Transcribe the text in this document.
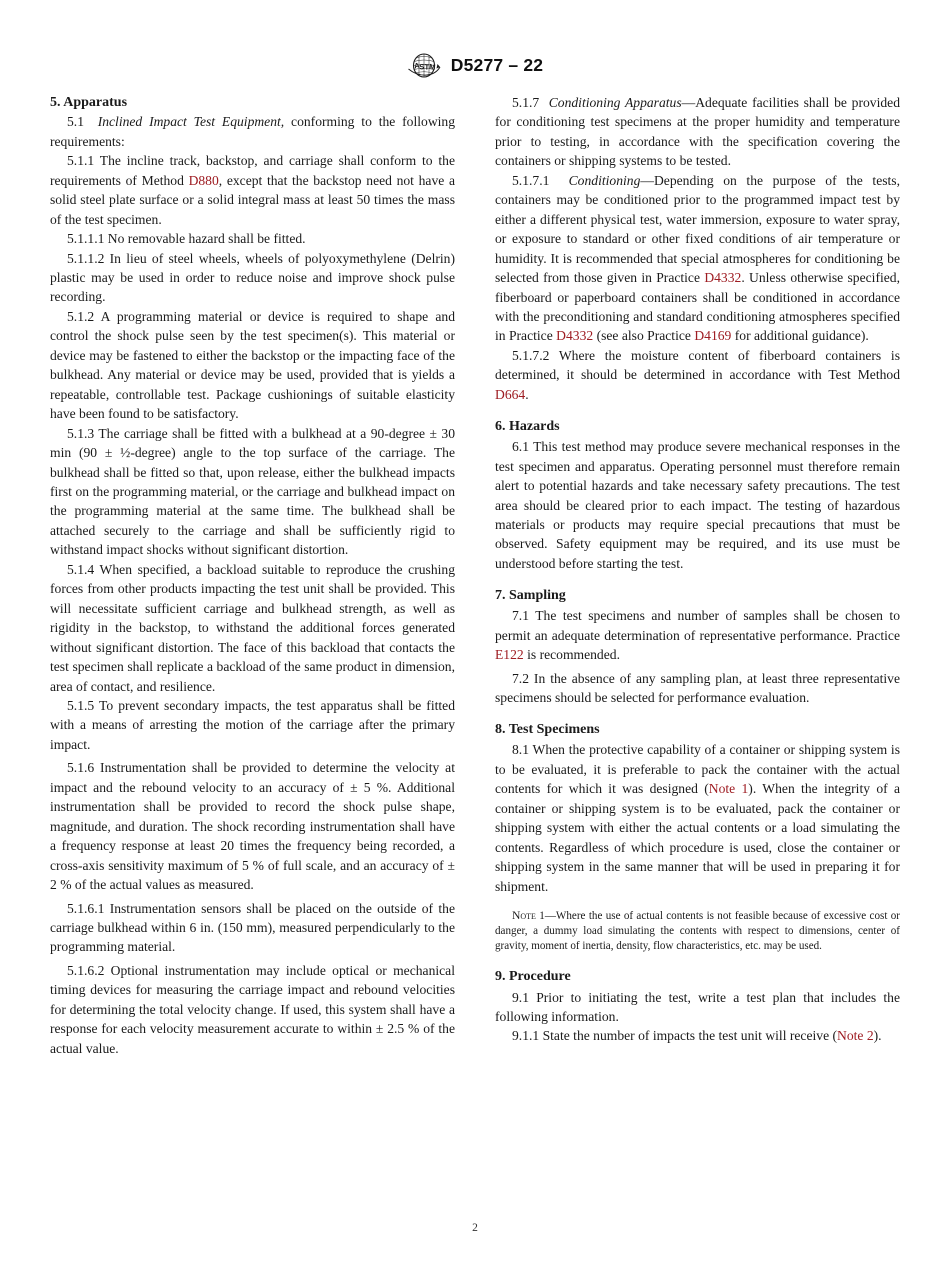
A
S T M D5277 – 22
5. Apparatus

5.1 Inclined Impact Test Equipment, conforming to the following requirements:

5.1.1 The incline track, backstop, and carriage shall conform to the requirements of Method D880, except that the backstop need not have a solid steel plate surface or a solid integral mass at least 50 times the mass of the test specimen.

5.1.1.1 No removable hazard shall be fitted.

5.1.1.2 In lieu of steel wheels, wheels of polyoxymethylene (Delrin) plastic may be used in order to reduce noise and improve shock pulse recording.

5.1.2 A programming material or device is required to shape and control the shock pulse seen by the test specimen(s). This material or device may be fastened to either the backstop or the impacting face of the bulkhead. Any material or device may be used, provided that is yields a repeatable, controllable test. Package cushionings of suitable elasticity have been found to be satisfactory.

5.1.3 The carriage shall be fitted with a bulkhead at a 90-degree ± 30 min (90 ± ½-degree) angle to the top surface of the carriage. The bulkhead shall be fitted so that, upon release, either the bulkhead impacts first on the programming material, or the carriage and bulkhead impact on the programming material at the same time. The bulkhead shall be attached securely to the carriage and shall be sufficiently rigid to withstand impact shocks without significant distortion.

5.1.4 When specified, a backload suitable to reproduce the crushing forces from other products impacting the test unit shall be provided. This will necessitate sufficient carriage and bulkhead strength, as well as rigidity in the backstop, to withstand the additional forces generated without significant distortion. The face of this backload that contacts the test specimen shall replicate a backload of the same product in dimension, area of contact, and resilience.

5.1.5 To prevent secondary impacts, the test apparatus shall be fitted with a means of arresting the motion of the carriage after the primary impact.

5.1.6 Instrumentation shall be provided to determine the velocity at impact and the rebound velocity to an accuracy of ± 5 %. Additional instrumentation shall be provided to record the shock pulse shape, magnitude, and duration. The shock recording instrumentation shall have a frequency response at least 20 times the frequency being recorded, a cross-axis sensitivity maximum of 5 % of full scale, and an accuracy of ± 2 % of the actual values as measured.

5.1.6.1 Instrumentation sensors shall be placed on the outside of the carriage bulkhead within 6 in. (150 mm), measured perpendicularly to the programming material.

5.1.6.2 Optional instrumentation may include optical or mechanical timing devices for measuring the carriage impact and rebound velocities for determining the total velocity change. If used, this system shall have a response for each velocity measurement accurate to within ± 2.5 % of the actual value.

5.1.7 Conditioning Apparatus—Adequate facilities shall be provided for conditioning test specimens at the proper humidity and temperature prior to testing, in accordance with the specification covering the containers or shipping systems to be tested.

5.1.7.1 Conditioning—Depending on the purpose of the tests, containers may be conditioned prior to the programmed impact test by either a different physical test, water immersion, exposure to water spray, or exposure to standard or other fixed conditions of air temperature or humidity. It is recommended that special atmospheres for conditioning be selected from those given in Practice D4332. Unless otherwise specified, fiberboard or paperboard containers shall be conditioned in accordance with the preconditioning and standard conditioning atmospheres specified in Practice D4332 (see also Practice D4169 for additional guidance).

5.1.7.2 Where the moisture content of fiberboard containers is determined, it should be determined in accordance with Test Method D664.

6. Hazards

6.1 This test method may produce severe mechanical responses in the test specimen and apparatus. Operating personnel must therefore remain alert to potential hazards and take necessary safety precautions. The test area should be cleared prior to each impact. The testing of hazardous materials or products may require special precautions that must be observed. Safety equipment may be required, and its use must be understood before starting the test.

7. Sampling

7.1 The test specimens and number of samples shall be chosen to permit an adequate determination of representative performance. Practice E122 is recommended.

7.2 In the absence of any sampling plan, at least three representative specimens should be selected for performance evaluation.

8. Test Specimens

8.1 When the protective capability of a container or shipping system is to be evaluated, it is preferable to pack the container with the actual contents for which it was designed (Note 1). When the integrity of a container or shipping system is to be evaluated, pack the container or shipping system with either the actual contents or a load simulating the contents. Regardless of which procedure is used, close the container or shipping system in the same manner that will be used in preparing it for shipment.

Note 1—Where the use of actual contents is not feasible because of excessive cost or danger, a dummy load simulating the contents with respect to dimensions, center of gravity, moment of inertia, density, flow characteristics, etc. may be used.

9. Procedure

9.1 Prior to initiating the test, write a test plan that includes the following information.

9.1.1 State the number of impacts the test unit will receive (Note 2).

2
